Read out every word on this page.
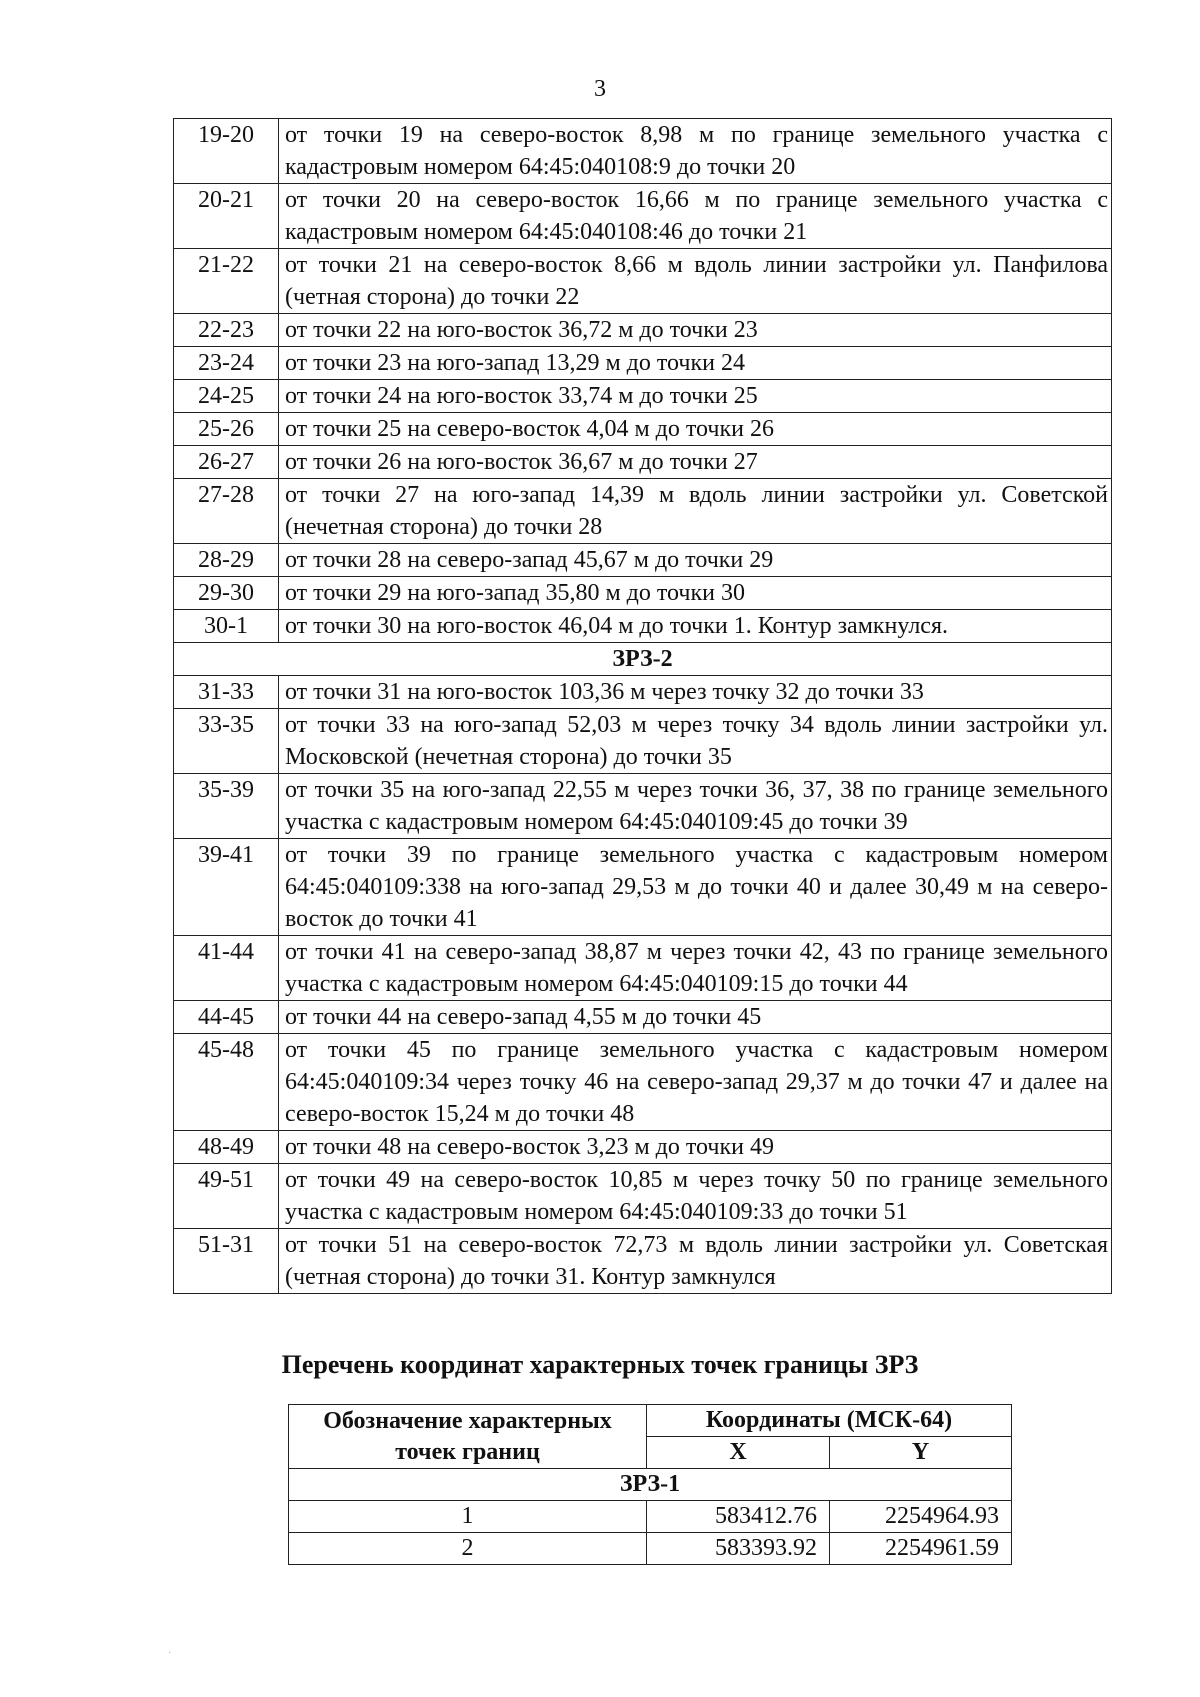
3
19-20	от точки 19 на северо-восток 8,98 м по границе земельного участка с кадастровым номером 64:45:040108:9 до точки 20
20-21	от точки 20 на северо-восток 16,66 м по границе земельного участка с кадастровым номером 64:45:040108:46 до точки 21
21-22	от точки 21 на северо-восток 8,66 м вдоль линии застройки ул. Панфилова (четная сторона) до точки 22
22-23	от точки 22 на юго-восток 36,72 м до точки 23
23-24	от точки 23 на юго-запад 13,29 м до точки 24
24-25	от точки 24 на юго-восток 33,74 м до точки 25
25-26	от точки 25 на северо-восток 4,04 м до точки 26
26-27	от точки 26 на юго-восток 36,67 м до точки 27
27-28	от точки 27 на юго-запад 14,39 м вдоль линии застройки ул. Советской (нечетная сторона) до точки 28
28-29	от точки 28 на северо-запад 45,67 м до точки 29
29-30	от точки 29 на юго-запад 35,80 м до точки 30
30-1	от точки 30 на юго-восток 46,04 м до точки 1. Контур замкнулся.
ЗРЗ-2	
31-33	от точки 31 на юго-восток 103,36 м через точку 32 до точки 33
33-35	от точки 33 на юго-запад 52,03 м через точку 34 вдоль линии застройки ул. Московской (нечетная сторона) до точки 35
35-39	от точки 35 на юго-запад 22,55 м через точки 36, 37, 38 по границе земельного участка с кадастровым номером 64:45:040109:45 до точки 39
39-41	от точки 39 по границе земельного участка с кадастровым номером 64:45:040109:338 на юго-запад 29,53 м до точки 40 и далее 30,49 м на северо-восток до точки 41
41-44	от точки 41 на северо-запад 38,87 м через точки 42, 43 по границе земельного участка с кадастровым номером 64:45:040109:15 до точки 44
44-45	от точки 44 на северо-запад 4,55 м до точки 45
45-48	от точки 45 по границе земельного участка с кадастровым номером 64:45:040109:34 через точку 46 на северо-запад 29,37 м до точки 47 и далее на северо-восток 15,24 м до точки 48
48-49	от точки 48 на северо-восток 3,23 м до точки 49
49-51	от точки 49 на северо-восток 10,85 м через точку 50 по границе земельного участка с кадастровым номером 64:45:040109:33 до точки 51
51-31	от точки 51 на северо-восток 72,73 м вдоль линии застройки ул. Советская (четная сторона) до точки 31. Контур замкнулся
Перечень координат характерных точек границы ЗРЗ
Обозначение характерных точек границ	Координаты (МСК-64)	
	X	Y
ЗРЗ-1		
1	583412.76	2254964.93
2	583393.92	2254961.59
·
